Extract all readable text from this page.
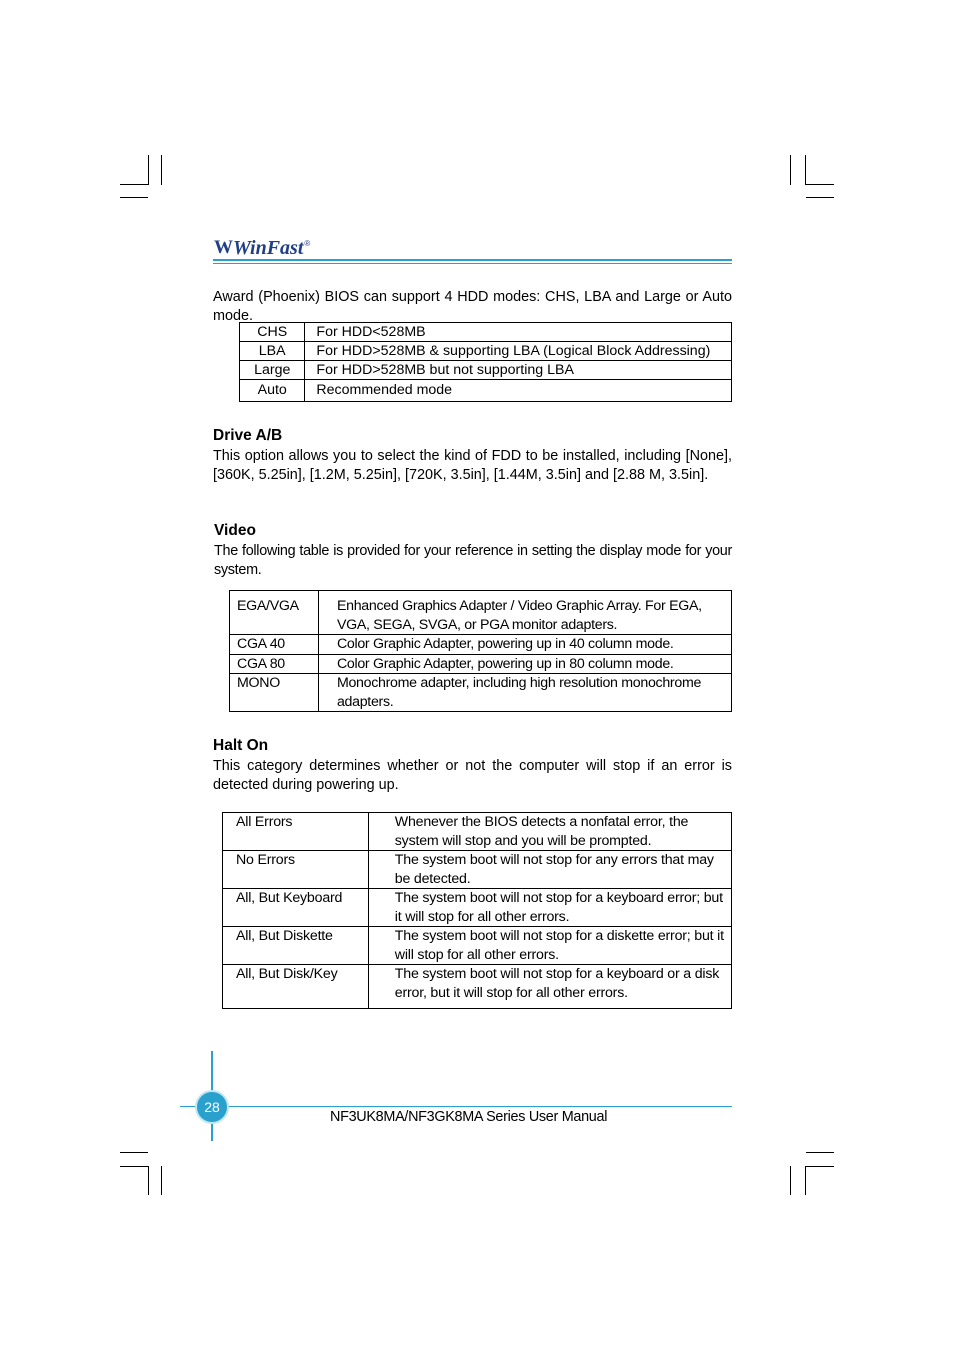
W WinFast ®
Award (Phoenix) BIOS can support 4 HDD modes: CHS, LBA and Large or Auto mode.
CHS	For HDD<528MB
LBA	For HDD>528MB & supporting LBA (Logical Block Addressing)
Large	For HDD>528MB but not supporting LBA
Auto	Recommended mode
Drive A/B
This option allows you to select the kind of FDD to be installed, including [None], [360K, 5.25in], [1.2M, 5.25in], [720K, 3.5in], [1.44M, 3.5in] and [2.88 M, 3.5in].
Video
The following table is provided for your reference in setting the display mode for your system.
EGA/VGA	Enhanced Graphics Adapter / Video Graphic Array. For EGA, VGA, SEGA, SVGA, or PGA monitor adapters.
CGA 40	Color Graphic Adapter, powering up in 40 column mode.
CGA 80	Color Graphic Adapter, powering up in 80 column mode.
MONO	Monochrome adapter, including high resolution monochrome adapters.
Halt On
This category determines whether or not the computer will stop if an error is detected during powering up.
All Errors	Whenever the BIOS detects a nonfatal error, the system will stop and you will be prompted.
No Errors	The system boot will not stop for any errors that may be detected.
All, But Keyboard	The system boot will not stop for a keyboard error; but it will stop for all other errors.
All, But Diskette	The system boot will not stop for a diskette error; but it will stop for all other errors.
All, But Disk/Key	The system boot will not stop for a keyboard or a disk error, but it will stop for all other errors.
28
NF3UK8MA/NF3GK8MA Series User Manual
